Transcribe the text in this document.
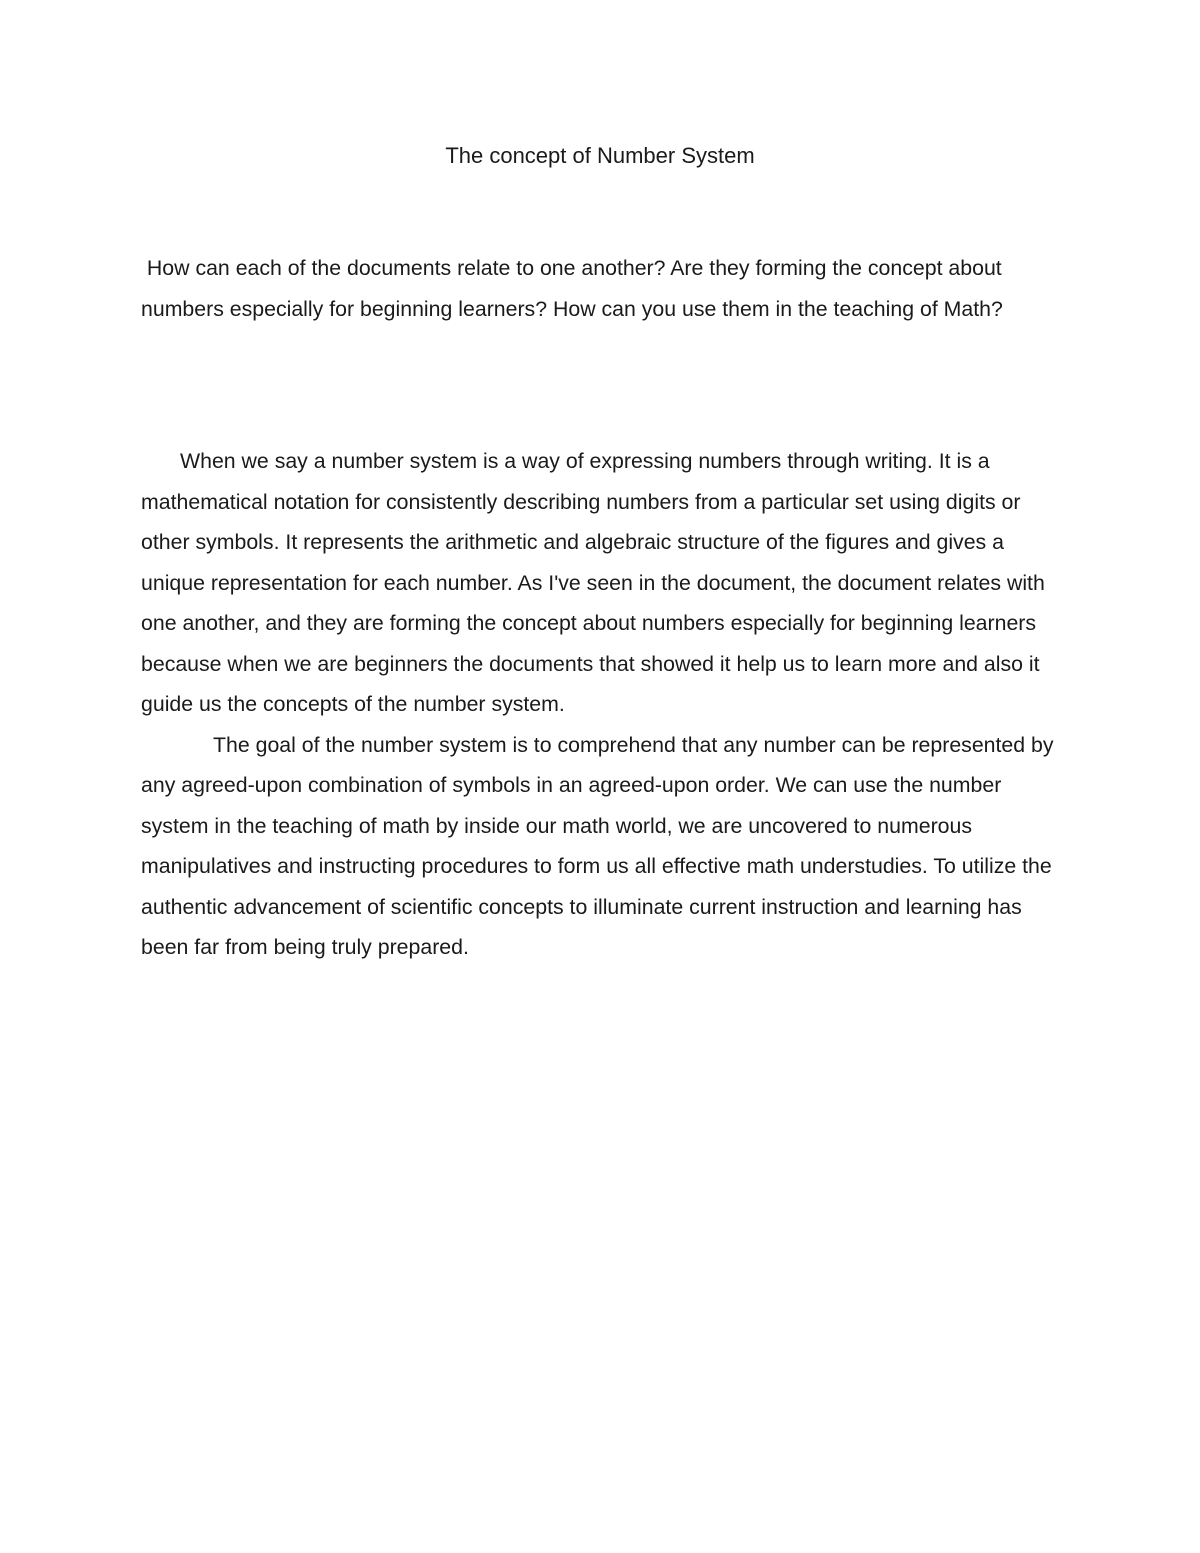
The concept of Number System

How can each of the documents relate to one another? Are they forming the concept about numbers especially for beginning learners? How can you use them in the teaching of Math?

When we say a number system is a way of expressing numbers through writing. It is a mathematical notation for consistently describing numbers from a particular set using digits or other symbols. It represents the arithmetic and algebraic structure of the figures and gives a unique representation for each number. As I've seen in the document, the document relates with one another, and they are forming the concept about numbers especially for beginning learners because when we are beginners the documents that showed it help us to learn more and also it guide us the concepts of the number system.

The goal of the number system is to comprehend that any number can be represented by any agreed-upon combination of symbols in an agreed-upon order. We can use the number system in the teaching of math by inside our math world, we are uncovered to numerous manipulatives and instructing procedures to form us all effective math understudies. To utilize the authentic advancement of scientific concepts to illuminate current instruction and learning has been far from being truly prepared.
